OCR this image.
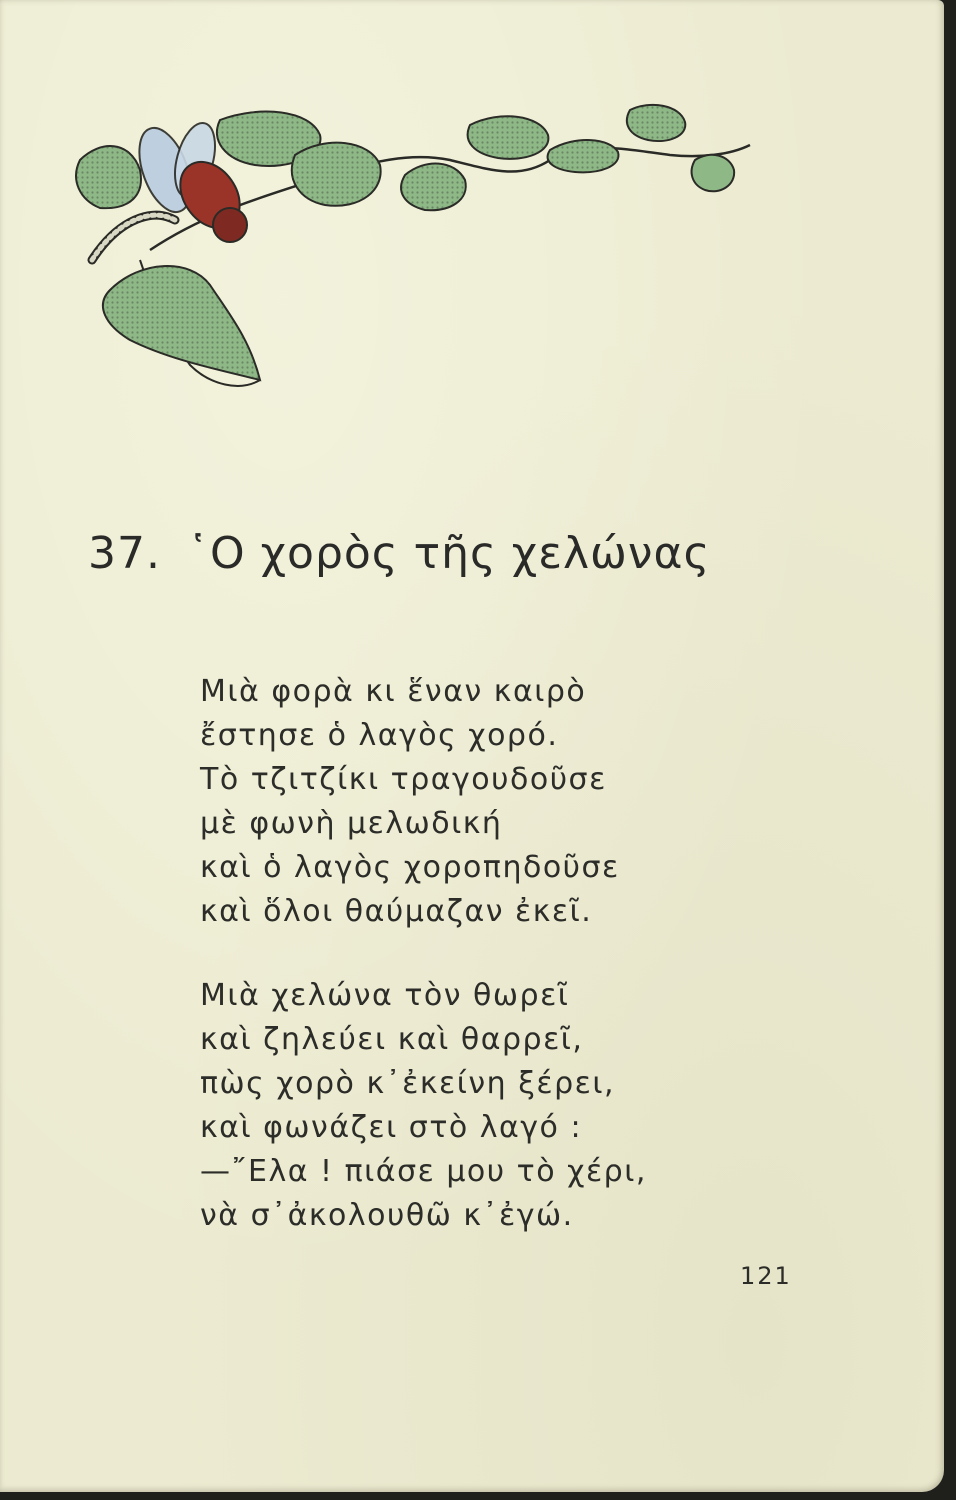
37. ῾Ο χορὸς τῆς χελώνας
Μιὰ φορὰ κι ἕναν καιρὸ
ἔστησε ὁ λαγὸς χορό.
Τὸ τζιτζίκι τραγουδοῦσε
μὲ φωνὴ μελωδική
καὶ ὁ λαγὸς χοροπηδοῦσε
καὶ ὅλοι θαύμαζαν ἐκεῖ.
Μιὰ χελώνα τὸν θωρεῖ
καὶ ζηλεύει καὶ θαρρεῖ,
πὼς χορὸ κ᾿ἐκείνη ξέρει,
καὶ φωνάζει στὸ λαγό :
—῎Ελα ! πιάσε μου τὸ χέρι,
νὰ σ᾿ἀκολουθῶ κ᾿ἐγώ.
121
